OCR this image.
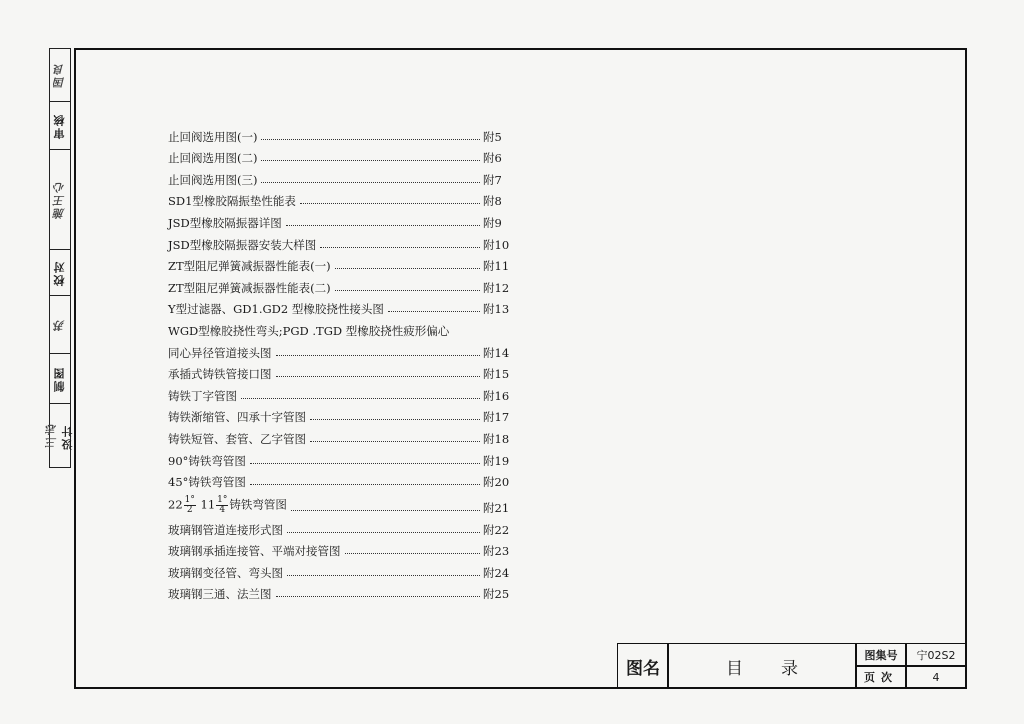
国良
审核
施王心
校对
苏
制图
三志 设计
止回阀选用图(一)	附5
止回阀选用图(二)	附6
止回阀选用图(三)	附7
SD1型橡胶隔振垫性能表	附8
JSD型橡胶隔振器详图	附9
JSD型橡胶隔振器安装大样图	附10
ZT型阻尼弹簧减振器性能表(一)	附11
ZT型阻尼弹簧减振器性能表(二)	附12
Y型过滤器、GD1.GD2 型橡胶挠性接头图	附13
WGD型橡胶挠性弯头;PGD .TGD 型橡胶挠性疲形偏心
同心异径管道接头图	附14
承插式铸铁管接口图	附15
铸铁丁字管图	附16
铸铁渐缩管、四承十字管图	附17
铸铁短管、套管、乙字管图	附18
90°铸铁弯管图	附19
45°铸铁弯管图	附20
$22 \frac{1^\circ}{2} 11 \frac{1^\circ}{4}$ 铸铁弯管图	附21
玻璃钢管道连接形式图	附22
玻璃钢承插连接管、平端对接管图	附23
玻璃钢变径管、弯头图	附24
玻璃钢三通、法兰图	附25
图名	目录
图集号	宁02S2
页次	4
